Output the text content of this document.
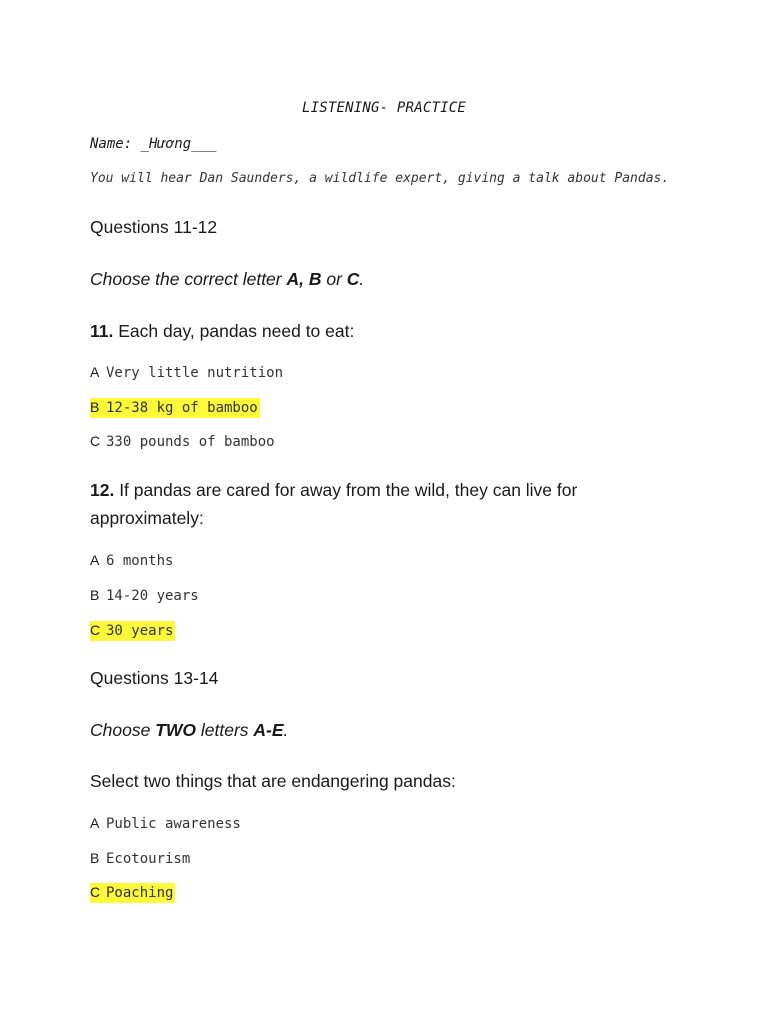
LISTENING- PRACTICE
Name: _Hương___
You will hear Dan Saunders, a wildlife expert, giving a talk about Pandas.
Questions 11-12
Choose the correct letter A, B or C.
11. Each day, pandas need to eat:
A Very little nutrition
B 12-38 kg of bamboo
C 330 pounds of bamboo
12. If pandas are cared for away from the wild, they can live for
approximately:
A 6 months
B 14-20 years
C 30 years
Questions 13-14
Choose TWO letters A-E.
Select two things that are endangering pandas:
A Public awareness
B Ecotourism
C Poaching
